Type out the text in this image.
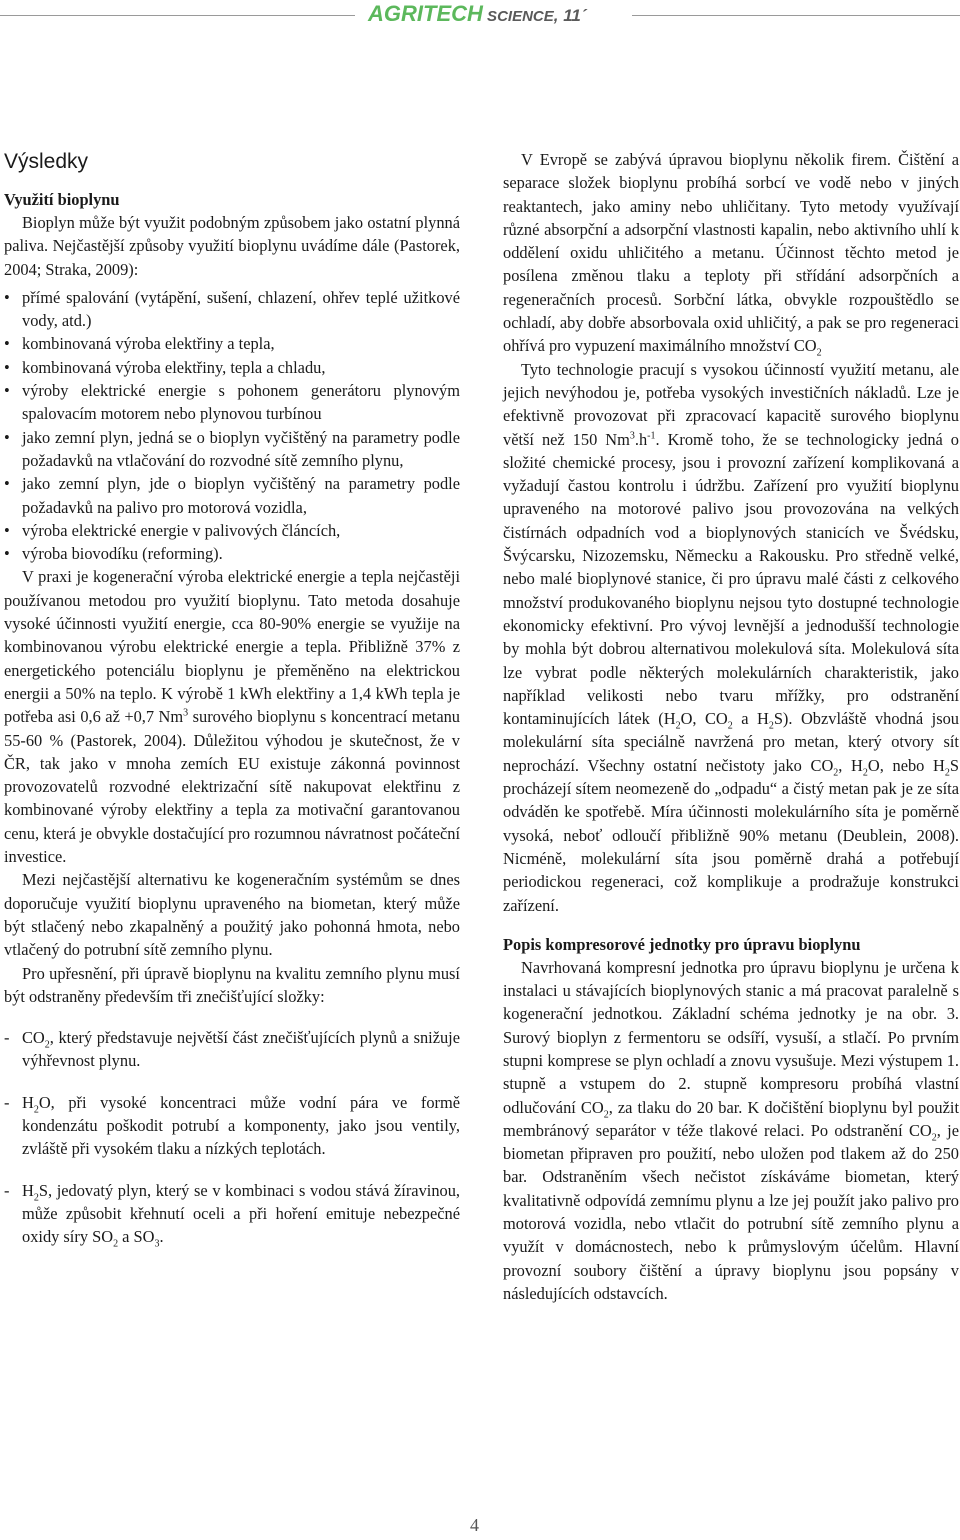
AGRITECH SCIENCE, 11´
Výsledky
Využití bioplynu

Bioplyn může být využit podobným způsobem jako ostatní plynná paliva. Nejčastější způsoby využití bioplynu uvádíme dále (Pastorek, 2004; Straka, 2009):

• přímé spalování (vytápění, sušení, chlazení, ohřev teplé užitkové vody, atd.)
• kombinovaná výroba elektřiny a tepla,
• kombinovaná výroba elektřiny, tepla a chladu,
• výroby elektrické energie s pohonem generátoru plynovým spalovacím motorem nebo plynovou turbínou
• jako zemní plyn, jedná se o bioplyn vyčištěný na parametry podle požadavků na vtlačování do rozvodné sítě zemního plynu,
• jako zemní plyn, jde o bioplyn vyčištěný na parametry podle požadavků na palivo pro motorová vozidla,
• výroba elektrické energie v palivových článcích,
• výroba biovodíku (reforming).

V praxi je kogenerační výroba elektrické energie a tepla nejčastěji používanou metodou pro využití bioplynu. Tato metoda dosahuje vysoké účinnosti využití energie, cca 80-90% energie se využije na kombinovanou výrobu elektrické energie a tepla. Přibližně 37% z energetického potenciálu bioplynu je přeměněno na elektrickou energii a 50% na teplo. K výrobě 1 kWh elektřiny a 1,4 kWh tepla je potřeba asi 0,6 až +0,7 Nm$^3$ surového bioplynu s koncentrací metanu 55-60 % (Pastorek, 2004). Důležitou výhodou je skutečnost, že v ČR, tak jako v mnoha zemích EU existuje zákonná povinnost provozovatelů rozvodné elektrizační sítě nakupovat elektřinu z kombinované výroby elektřiny a tepla za motivační garantovanou cenu, která je obvykle dostačující pro rozumnou návratnost počáteční investice.

Mezi nejčastější alternativu ke kogeneračním systémům se dnes doporučuje využití bioplynu upraveného na biometan, který může být stlačený nebo zkapalněný a použitý jako pohonná hmota, nebo vtlačený do potrubní sítě zemního plynu.

Pro upřesnění, při úpravě bioplynu na kvalitu zemního plynu musí být odstraněny především tři znečišťující složky:

- $CO_2$, který představuje největší část znečišťujících plynů a snižuje výhřevnost plynu.
- $H_2O$, při vysoké koncentraci může vodní pára ve formě kondenzátu poškodit potrubí a komponenty, jako jsou ventily, zvláště při vysokém tlaku a nízkých teplotách.
- $H_2S$, jedovatý plyn, který se v kombinaci s vodou stává žíravinou, může způsobit křehnutí oceli a při hoření emituje nebezpečné oxidy síry $SO_2$ a $SO_3$.

V Evropě se zabývá úpravou bioplynu několik firem. Čištění a separace složek bioplynu probíhá sorbcí ve vodě nebo v jiných reaktantech, jako aminy nebo uhličitany. Tyto metody využívají různé absorpční a adsorpční vlastnosti kapalin, nebo aktivního uhlí k oddělení oxidu uhličitého a metanu. Účinnost těchto metod je posílena změnou tlaku a teploty při střídání adsorpčních a regeneračních procesů. Sorbční látka, obvykle rozpouštědlo se ochladí, aby dobře absorbovala oxid uhličitý, a pak se pro regeneraci ohřívá pro vypuzení maximálního množství $CO_2$

Tyto technologie pracují s vysokou účinností využití metanu, ale jejich nevýhodou je, potřeba vysokých investičních nákladů. Lze je efektivně provozovat při zpracovací kapacitě surového bioplynu větší než 150 $Nm^3.h^{-1}$. Kromě toho, že se technologicky jedná o složité chemické procesy, jsou i provozní zařízení komplikovaná a vyžadují častou kontrolu i údržbu. Zařízení pro využití bioplynu upraveného na motorové palivo jsou provozována na velkých čistírnách odpadních vod a bioplynových stanicích ve Švédsku, Švýcarsku, Nizozemsku, Německu a Rakousku. Pro středně velké, nebo malé bioplynové stanice, či pro úpravu malé části z celkového množství produkovaného bioplynu nejsou tyto dostupné technologie ekonomicky efektivní. Pro vývoj levnější a jednodušší technologie by mohla být dobrou alternativou molekulová síta. Molekulová síta lze vybrat podle některých molekulárních charakteristik, jako například velikosti nebo tvaru mřížky, pro odstranění kontaminujících látek ($H_2O$, $CO_2$ a $H_2S$). Obzvláště vhodná jsou molekulární síta speciálně navržená pro metan, který otvory sít neprochází. Všechny ostatní nečistoty jako $CO_2$, $H_2O$, nebo $H_2S$ procházejí sítem neomezeně do „odpadu“ a čistý metan pak je ze síta odváděn ke spotřebě. Míra účinnosti molekulárního síta je poměrně vysoká, neboť odloučí přibližně 90% metanu (Deublein, 2008). Nicméně, molekulární síta jsou poměrně drahá a potřebují periodickou regeneraci, což komplikuje a prodražuje konstrukci zařízení.

Popis kompresorové jednotky pro úpravu bioplynu

Navrhovaná kompresní jednotka pro úpravu bioplynu je určena k instalaci u stávajících bioplynových stanic a má pracovat paralelně s kogenerační jednotkou. Základní schéma jednotky je na obr. 3. Surový bioplyn z fermentoru se odsíří, vysuší, a stlačí. Po prvním stupni komprese se plyn ochladí a znovu vysušuje. Mezi výstupem 1. stupně a vstupem do 2. stupně kompresoru probíhá vlastní odlučování $CO_2$, za tlaku do 20 bar. K dočištění bioplynu byl použit membránový separátor v téže tlakové relaci. Po odstranění $CO_2$, je biometan připraven pro použití, nebo uložen pod tlakem až do 250 bar. Odstraněním všech nečistot získáváme biometan, který kvalitativně odpovídá zemnímu plynu a lze jej použít jako palivo pro motorová vozidla, nebo vtlačit do potrubní sítě zemního plynu a využít v domácnostech, nebo k průmyslovým účelům. Hlavní provozní soubory čištění a úpravy bioplynu jsou popsány v následujících odstavcích.

4
